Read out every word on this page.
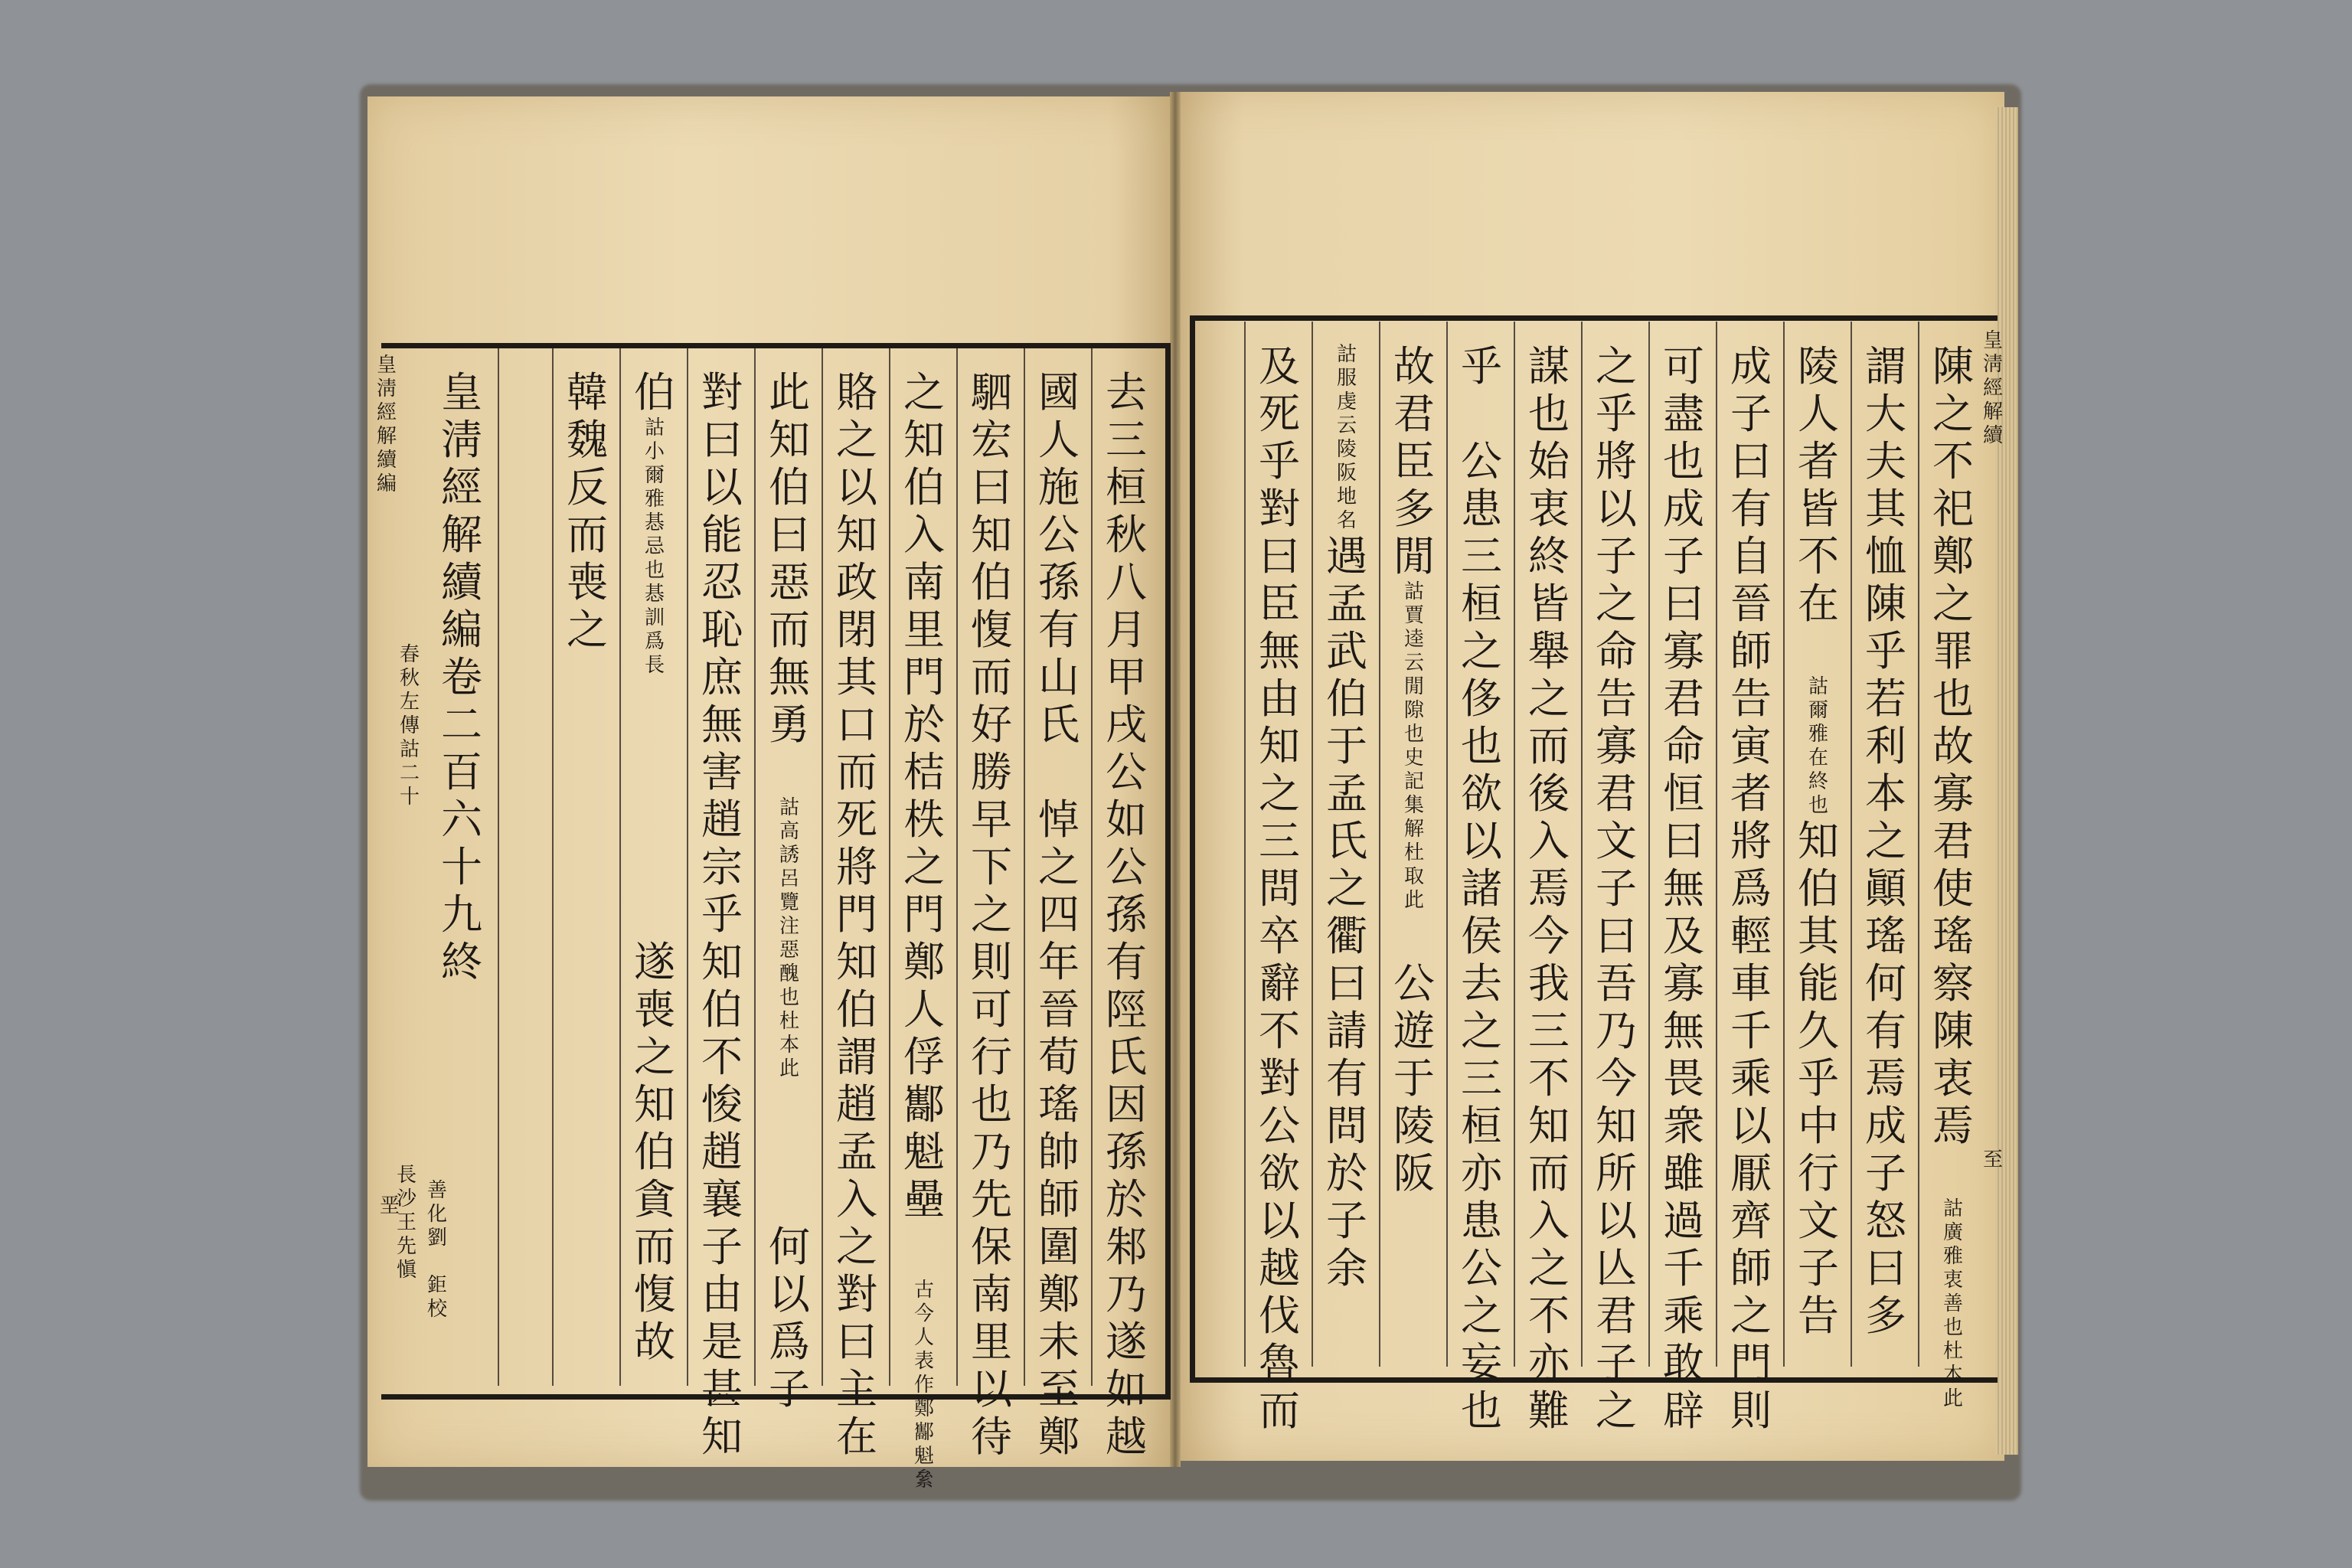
去
三
桓
秋
八
月
甲
戌
公
如
公
孫
有
陘
氏
因
孫
於
邾
乃
遂
如
越
國
人
施
公
孫
有
山
氏

悼
之
四
年
晉
荀
瑤
帥
師
圍
鄭
未
至
鄭
駟
宏
曰
知
伯
愎
而
好
勝
早
下
之
則
可
行
也
乃
先
保
南
里
以
待
之
知
伯
入
南
里
門
於
桔
柣
之
門
鄭
人
俘
酅
魁
壘
古
今
人
表
作
鄭
酅
魁
絫
賂
之
以
知
政
閉
其
口
而
死
將
門
知
伯
謂
趙
孟
入
之
對
曰
主
在
此
知
伯
曰
惡
而
無
勇
詁
高
誘
呂
覽
注
惡
醜
也
杜
本
此
何
以
爲
子
對
曰
以
能
忍
恥
庶
無
害
趙
宗
乎
知
伯
不
悛
趙
襄
子
由
是
甚
知
伯
詁
小
爾
雅
惎
忌
也
惎
訓
爲
長
遂
喪
之
知
伯
貪
而
愎
故
韓
魏
反
而
喪
之
皇
淸
經
解
續
編
卷
二
百
六
十
九
終
皇
淸
經
解
續
編
春
秋
左
傳
詁
二
十
長
沙
王
先
愼
善
化
劉

鉅
校
垩
陳
之
不
祀
鄭
之
罪
也
故
寡
君
使
瑤
察
陳
衷
焉
詁
廣
雅
衷
善
也
杜
本
此
謂
大
夫
其
恤
陳
乎
若
利
本
之
顚
瑤
何
有
焉
成
子
怒
曰
多
陵
人
者
皆
不
在
詁
爾
雅
在
終
也
知
伯
其
能
久
乎
中
行
文
子
告
成
子
曰
有
自
晉
師
告
寅
者
將
爲
輕
車
千
乘
以
厭
齊
師
之
門
則
可
盡
也
成
子
曰
寡
君
命
恒
曰
無
及
寡
無
畏
衆
雖
過
千
乘
敢
辟
之
乎
將
以
子
之
命
告
寡
君
文
子
曰
吾
乃
今
知
所
以
亾
君
子
之
謀
也
始
衷
終
皆
舉
之
而
後
入
焉
今
我
三
不
知
而
入
之
不
亦
難
乎

公
患
三
桓
之
侈
也
欲
以
諸
侯
去
之
三
桓
亦
患
公
之
妄
也
故
君
臣
多
閒
詁
賈
逵
云
閒
隙
也
史
記
集
解
杜
取
此
公
遊
于
陵
阪
詁
服
虔
云
陵
阪
地
名
遇
孟
武
伯
于
孟
氏
之
衢
曰
請
有
問
於
子
余
及
死
乎
對
曰
臣
無
由
知
之
三
問
卒
辭
不
對
公
欲
以
越
伐
魯
而
皇
淸
經
解
續
至
